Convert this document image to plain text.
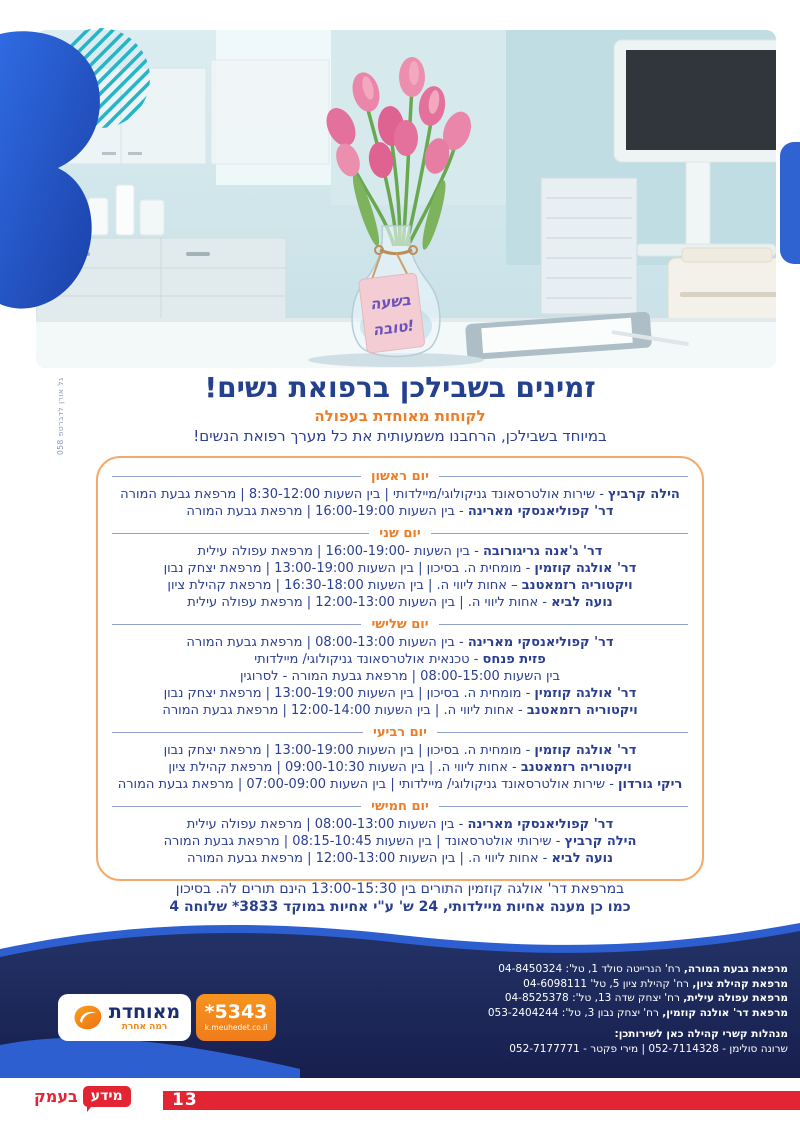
בשעה
טובה!
גל אורן לדברטפ 058	זמינים בשבילכן ברפואת נשים!
לקוחות מאוחדת בעפולה
במיוחד בשבילכן, הרחבנו משמעותית את כל מערך רפואת הנשים!
יום ראשון
הילה קרביץ - שירות אולטרסאונד גניקולוגי/מיילדותי | בין השעות 8:30-12:00 | מרפאת גבעת המורה
דר' קפוליאנסקי מארינה - בין השעות 16:00-19:00 | מרפאת גבעת המורה
יום שני
דר' ג'אנה גריגורובה - בין השעות -16:00-19:00 | מרפאת עפולה עילית
דר' אולגה קוזמין - מומחית ה. בסיכון | בין השעות 13:00-19:00 | מרפאת יצחק נבון
ויקטוריה רזמאטנב – אחות ליווי ה. | בין השעות 16:30-18:00 | מרפאת קהילת ציון
נועה לביא - אחות ליווי ה. | בין השעות 12:00-13:00 | מרפאת עפולה עילית
יום שלישי
דר' קפוליאנסקי מארינה - בין השעות 08:00-13:00 | מרפאת גבעת המורה
פזית פנחס - טכנאית אולטרסאונד גניקולוגי/ מיילדותי
בין השעות 08:00-15:00 | מרפאת גבעת המורה - לסרוגין
דר' אולגה קוזמין - מומחית ה. בסיכון | בין השעות 13:00-19:00 | מרפאת יצחק נבון
ויקטוריה רזמאטנב - אחות ליווי ה. | בין השעות 12:00-14:00 | מרפאת גבעת המורה
יום רביעי
דר' אולגה קוזמין - מומחית ה. בסיכון | בין השעות 13:00-19:00 | מרפאת יצחק נבון
ויקטוריה רזמאטנב - אחות ליווי ה. | בין השעות 09:00-10:30 | מרפאת קהילת ציון
ריקי גורדון - שירות אולטרסאונד גניקולוגי/ מיילדותי | בין השעות 07:00-09:00 | מרפאת גבעת המורה
יום חמישי
דר' קפוליאנסקי מארינה - בין השעות 08:00-13:00 | מרפאת עפולה עילית
הילה קרביץ - שירותי אולטרסאונד | בין השעות 08:15-10:45 | מרפאת גבעת המורה
נועה לביא - אחות ליווי ה. | בין השעות 12:00-13:00 | מרפאת גבעת המורה
במרפאת דר' אולגה קוזמין התורים בין 13:00-15:30 הינם תורים לה. בסיכון
כמו כן מענה אחיות מיילדותי, 24 ש' ע"י אחיות במוקד 3833* שלוחה 4
מרפאת גבעת המורה, רח' הנרייטה סולד 1, טל': 04-8450324
מרפאת קהילת ציון, רח' קהילת ציון 5, טל' 04-6098111
מרפאת עפולה עילית, רח' יצחק שדה 13, טל': 04-8525378
מרפאת דר' אולנה קוזמין, רח' יצחק נבון 3, טל': 053-2404244
מנהלות קשרי קהילה כאן לשירותכן:
שרונה סולימן - 052-7114328 | מירי פקטר - 052-7177771
מאוחדת
רמה אחרת
*5343
k.meuhedet.co.il
13
מידע
בעמק
